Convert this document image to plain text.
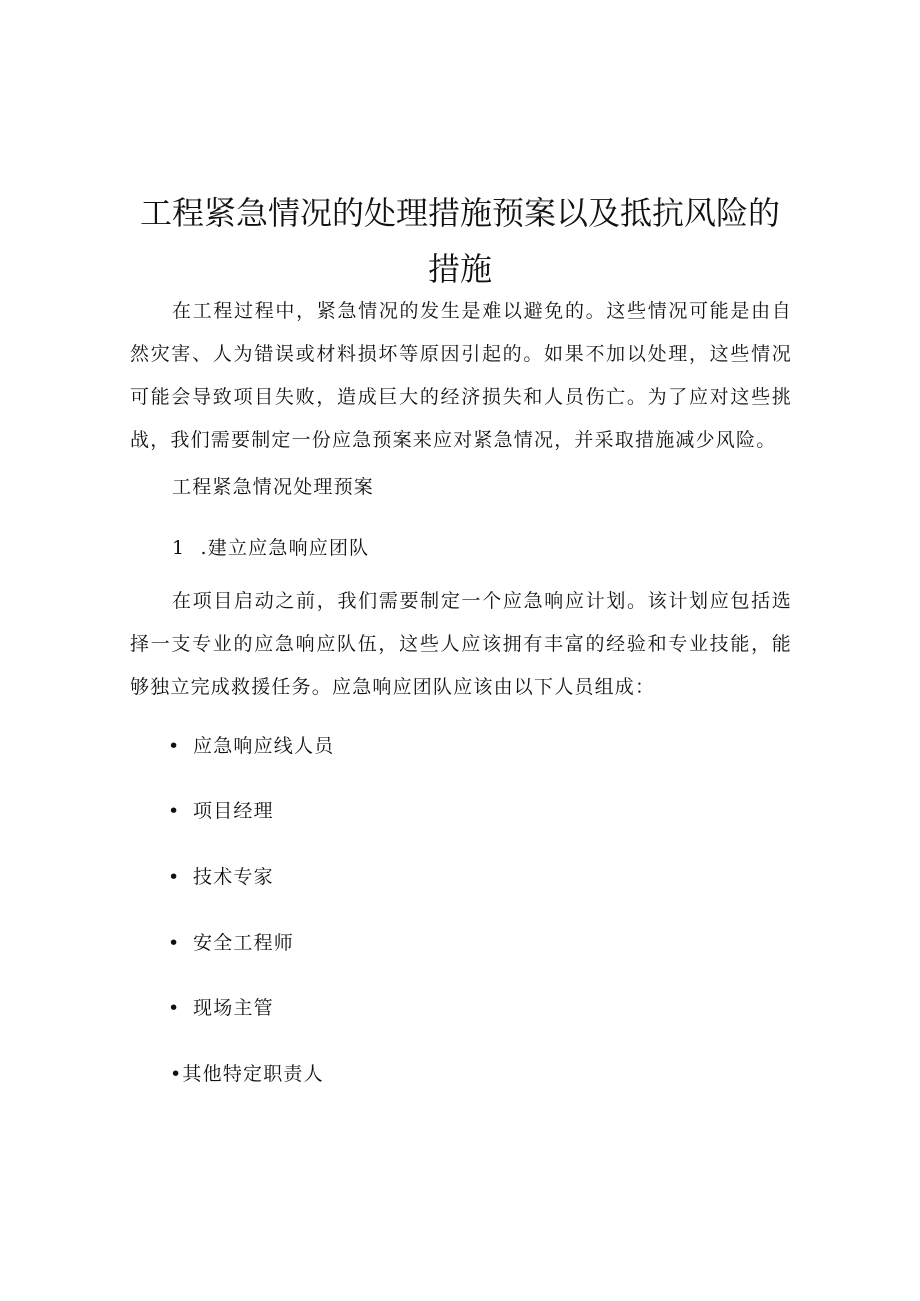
工程紧急情况的处理措施预案以及抵抗风险的措施
在工程过程中，紧急情况的发生是难以避免的。这些情况可能是由自然灾害、人为错误或材料损坏等原因引起的。如果不加以处理，这些情况可能会导致项目失败，造成巨大的经济损失和人员伤亡。为了应对这些挑战，我们需要制定一份应急预案来应对紧急情况，并采取措施减少风险。
工程紧急情况处理预案
1 .建立应急响应团队
在项目启动之前，我们需要制定一个应急响应计划。该计划应包括选择一支专业的应急响应队伍，这些人应该拥有丰富的经验和专业技能，能够独立完成救援任务。应急响应团队应该由以下人员组成：
• 应急响应线人员
• 项目经理
• 技术专家
• 安全工程师
• 现场主管
•其他特定职责人
